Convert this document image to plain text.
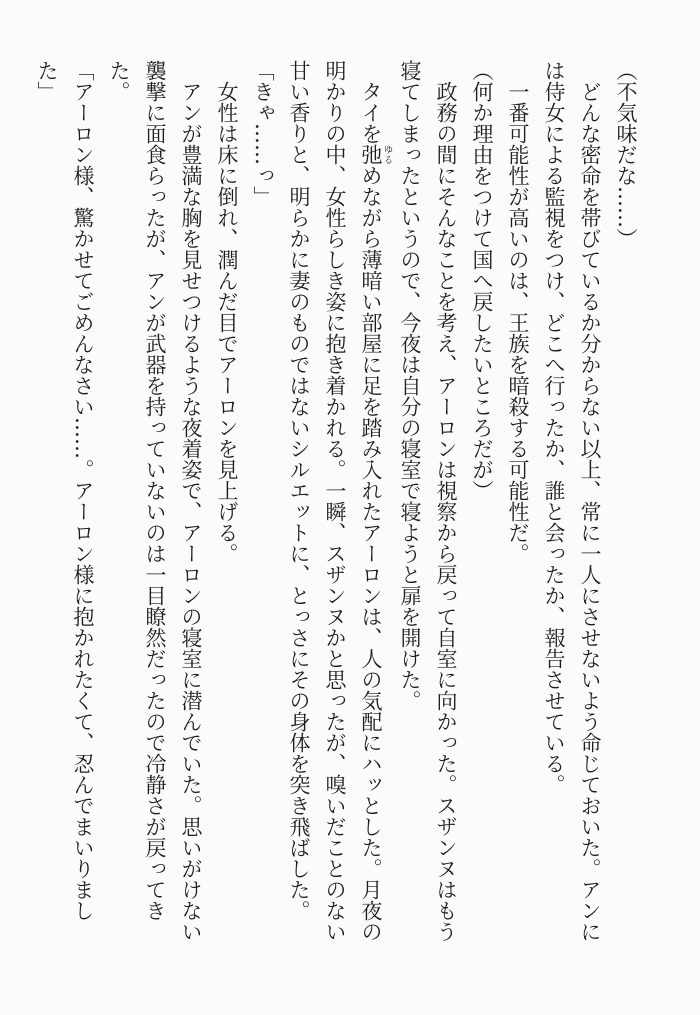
（不気味だな……）

どんな密命を帯びているか分からない以上、常に一人にさせないよう命じておいた。アンには侍女による監視をつけ、どこへ行ったか、誰と会ったか、報告させている。

一番可能性が高いのは、王族を暗殺する可能性だ。

（何か理由をつけて国へ戻したいところだが）

政務の間にそんなことを考え、アーロンは視察から戻って自室に向かった。スザンヌはもう寝てしまったというので、今夜は自分の寝室で寝ようと扉を開けた。

タイを弛ゆるめながら薄暗い部屋に足を踏み入れたアーロンは、人の気配にハッとした。月夜の明かりの中、女性らしき姿に抱き着かれる。一瞬、スザンヌかと思ったが、嗅いだことのない甘い香りと、明らかに妻のものではないシルエットに、とっさにその身体を突き飛ばした。

「きゃ……っ」

女性は床に倒れ、潤んだ目でアーロンを見上げる。

アンが豊満な胸を見せつけるような夜着姿で、アーロンの寝室に潜んでいた。思いがけない襲撃に面食らったが、アンが武器を持っていないのは一目瞭然だったので冷静さが戻ってきた。

「アーロン様、驚かせてごめんなさい……。アーロン様に抱かれたくて、忍んでまいりました」
